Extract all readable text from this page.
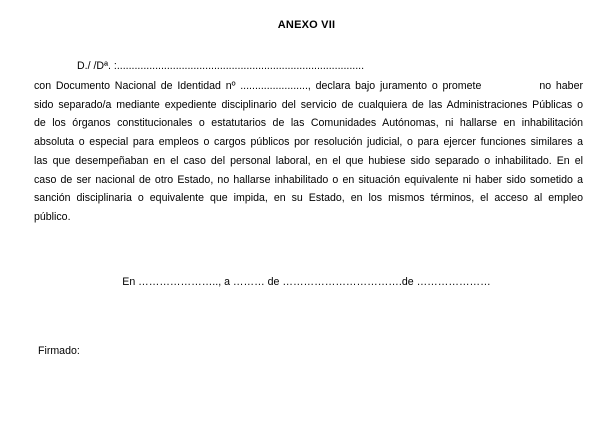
ANEXO VII
D./ /Dª. :....................................................................................
con Documento Nacional de Identidad nº ......................., declara bajo juramento o promete	no haber
sido separado/a mediante expediente disciplinario del servicio de cualquiera de las Administraciones Públicas o
de los órganos constitucionales o estatutarios de las Comunidades Autónomas, ni hallarse en inhabilitación
absoluta o especial para empleos o cargos públicos por resolución judicial, o para ejercer funciones similares a
las que desempeñaban en el caso del personal laboral, en el que hubiese sido separado o inhabilitado. En el
caso de ser nacional de otro Estado, no hallarse inhabilitado o en situación equivalente ni haber sido sometido a
sanción disciplinaria o equivalente que impida, en su Estado, en los mismos términos, el acceso al empleo
público.
En ………………….., a ……… de …………………………….de …………………
Firmado:
